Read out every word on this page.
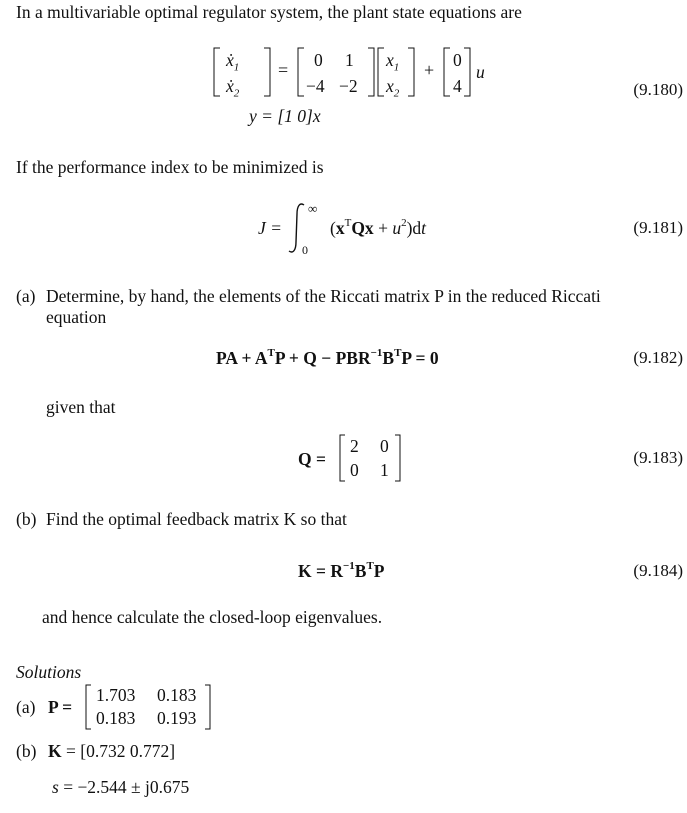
In a multivariable optimal regulator system, the plant state equations are
ẋ$_1$
ẋ$_2$
= 0 1
−4 −2
$x_1$
$x_2$
+ 0
4
u
y = [1 0]x
(9.180)
If the performance index to be minimized is
J =
∞
0
$(x^TQx + u^2)dt$	(9.181)
(a) Determine, by hand, the elements of the Riccati matrix P in the reduced Riccati
equation
PA + $A^TP + Q - PBR^{-1}B^TP = 0$	(9.182)
given that
Q =
2 0
0 1
(9.183)
(b) Find the optimal feedback matrix K so that
$K = R^{-1}B^TP$	(9.184)
and hence calculate the closed-loop eigenvalues.
Solutions
(a) P =
1.703 0.183
0.183 0.193
(b) K = [0.732 0.772]
s = −2.544 ± j0.675
